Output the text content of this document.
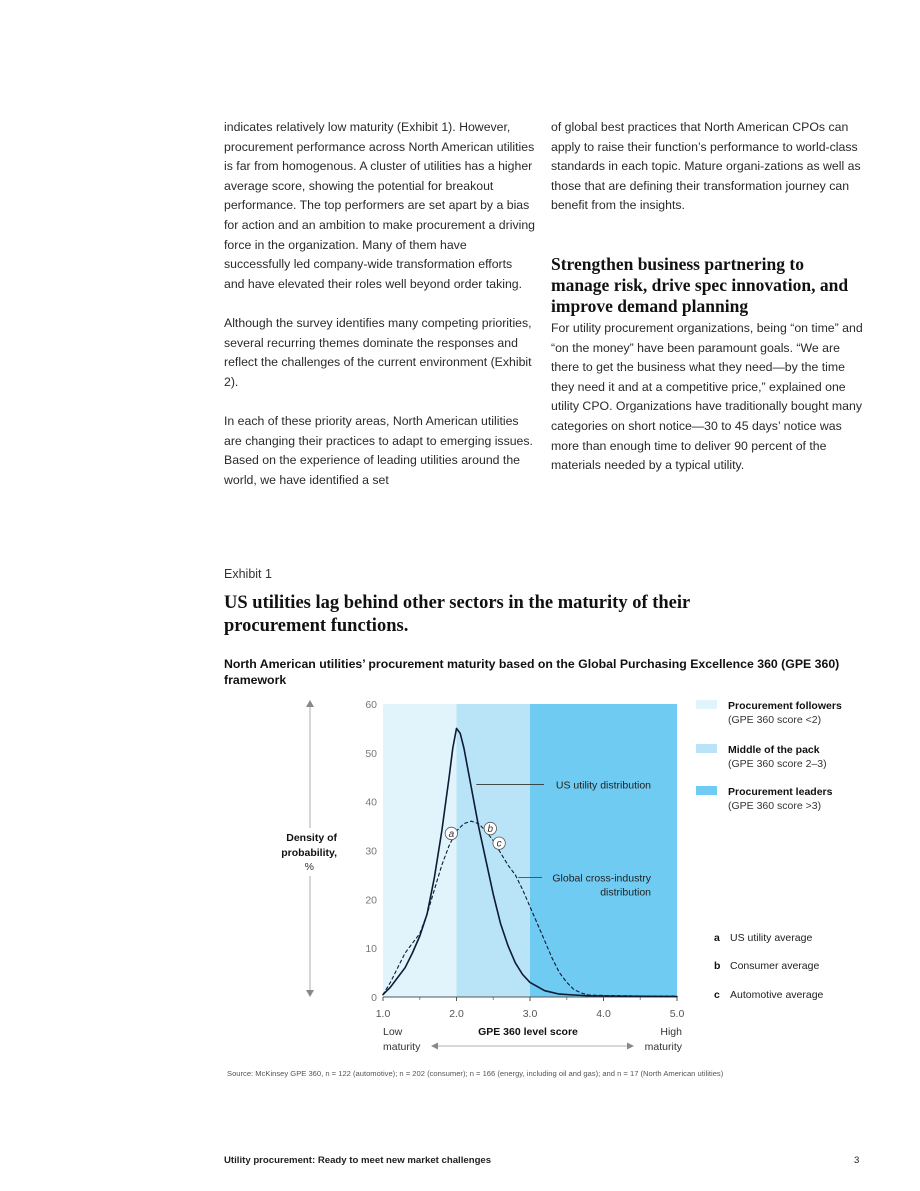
indicates relatively low maturity (Exhibit 1). However, procurement performance across North American utilities is far from homogenous. A cluster of utilities has a higher average score, showing the potential for breakout performance. The top performers are set apart by a bias for action and an ambition to make procurement a driving force in the organization. Many of them have successfully led company-wide transformation efforts and have elevated their roles well beyond order taking.

Although the survey identifies many competing priorities, several recurring themes dominate the responses and reflect the challenges of the current environment (Exhibit 2).

In each of these priority areas, North American utilities are changing their practices to adapt to emerging issues. Based on the experience of leading utilities around the world, we have identified a set

of global best practices that North American CPOs can apply to raise their function’s performance to world-class standards in each topic. Mature organi-zations as well as those that are defining their transformation journey can benefit from the insights.

Strengthen business partnering to manage risk, drive spec innovation, and improve demand planning

For utility procurement organizations, being “on time” and “on the money” have been paramount goals. “We are there to get the business what they need—by the time they need it and at a competitive price,” explained one utility CPO. Organizations have traditionally bought many categories on short notice—30 to 45 days’ notice was more than enough time to deliver 90 percent of the materials needed by a typical utility.

Exhibit 1
US utilities lag behind other sectors in the maturity of their procurement functions.
North American utilities’ procurement maturity based on the Global Purchasing Excellence 360 (GPE 360) framework
0
10
20
30
40
50
60
1.0	2.0	3.0	4.0	5.0
US utility distribution
Global cross-industry
distribution
a	b
c
Density of
probability,
%
GPE 360 level score
Low
maturity
High
maturity
Procurement followers
(GPE 360 score <2)
Middle of the pack
(GPE 360 score 2–3)
Procurement leaders
(GPE 360 score >3)
a US utility average
b Consumer average
c Automotive average
Source: McKinsey GPE 360, n = 122 (automotive); n = 202 (consumer); n = 166 (energy, including oil and gas); and n = 17 (North American utilities)
Utility procurement: Ready to meet new market challenges	3
